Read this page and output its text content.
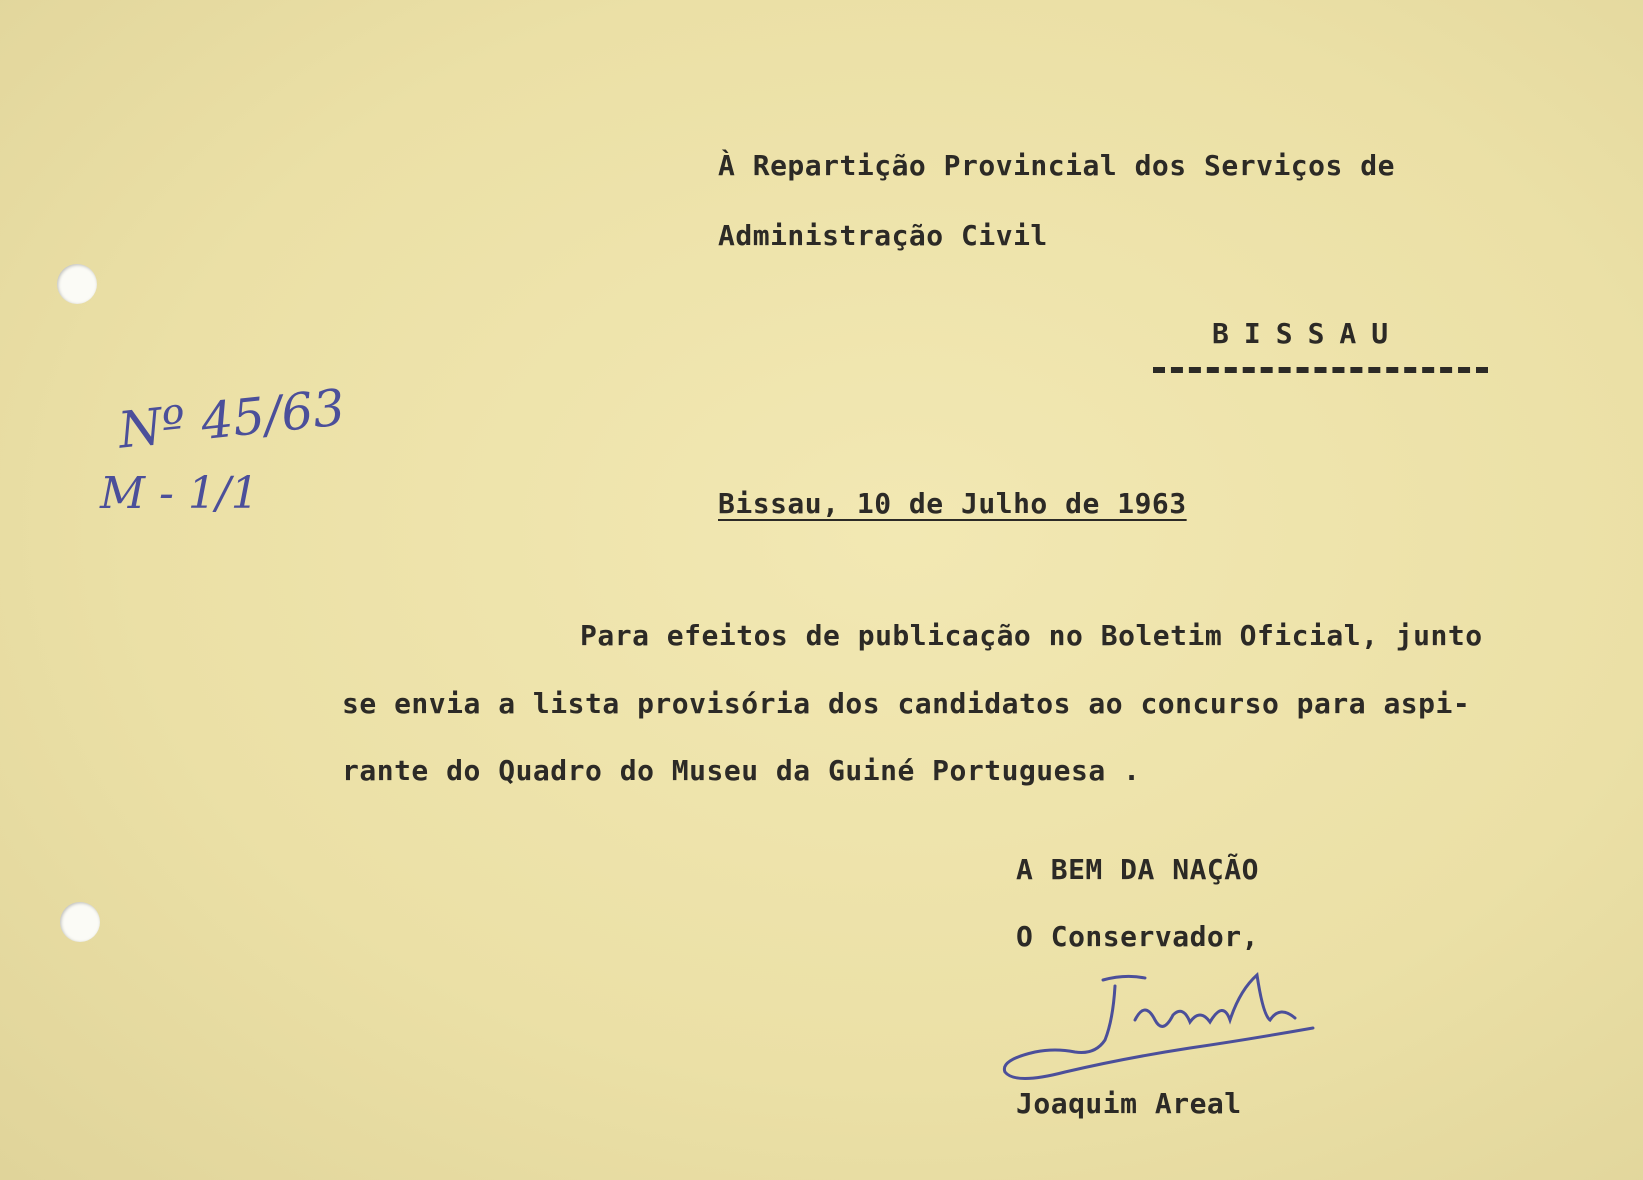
À Repartição Provincial dos Serviços de
Administração Civil
BISSAU
Nº 45/63
M - 1/1	Bissau, 10 de Julho de 1963
Para efeitos de publicação no Boletim Oficial, junto
se envia a lista provisória dos candidatos ao concurso para aspi-
rante do Quadro do Museu da Guiné Portuguesa .
A BEM DA NAÇÃO
O Conservador,
Joaquim Areal
